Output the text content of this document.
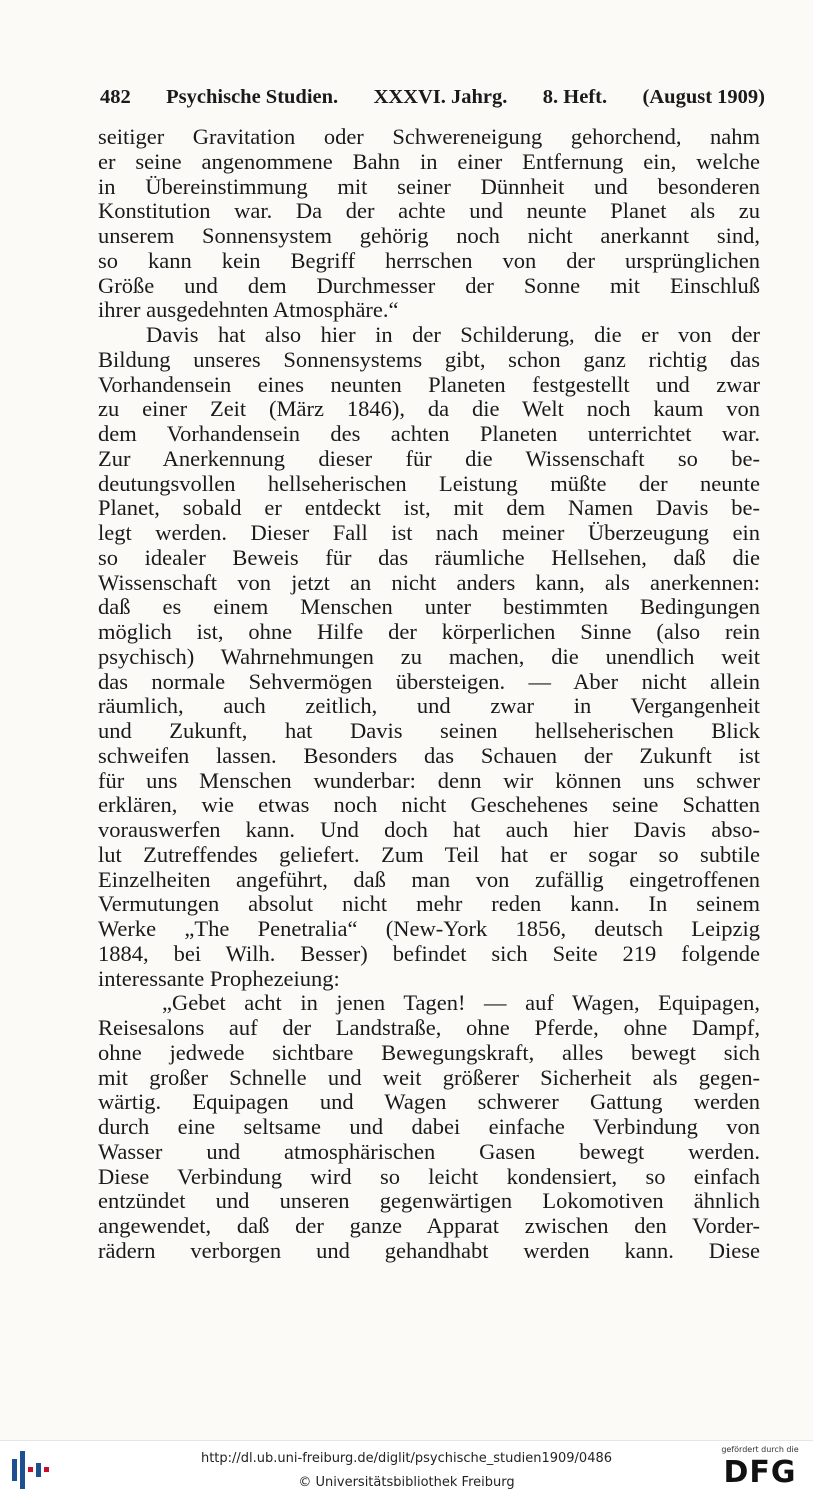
482 Psychische Studien. XXXVI. Jahrg. 8. Heft. (August 1909)
seitiger Gravitation oder Schwereneigung gehorchend, nahm
er seine angenommene Bahn in einer Entfernung ein, welche
in Übereinstimmung mit seiner Dünnheit und besonderen
Konstitution war. Da der achte und neunte Planet als zu
unserem Sonnensystem gehörig noch nicht anerkannt sind,
so kann kein Begriff herrschen von der ursprünglichen
Größe und dem Durchmesser der Sonne mit Einschluß
ihrer ausgedehnten Atmosphäre.“
Davis hat also hier in der Schilderung, die er von der
Bildung unseres Sonnensystems gibt, schon ganz richtig das
Vorhandensein eines neunten Planeten festgestellt und zwar
zu einer Zeit (März 1846), da die Welt noch kaum von
dem Vorhandensein des achten Planeten unterrichtet war.
Zur Anerkennung dieser für die Wissenschaft so be-
deutungsvollen hellseherischen Leistung müßte der neunte
Planet, sobald er entdeckt ist, mit dem Namen Davis be-
legt werden. Dieser Fall ist nach meiner Überzeugung ein
so idealer Beweis für das räumliche Hellsehen, daß die
Wissenschaft von jetzt an nicht anders kann, als anerkennen:
daß es einem Menschen unter bestimmten Bedingungen
möglich ist, ohne Hilfe der körperlichen Sinne (also rein
psychisch) Wahrnehmungen zu machen, die unendlich weit
das normale Sehvermögen übersteigen. — Aber nicht allein
räumlich, auch zeitlich, und zwar in Vergangenheit
und Zukunft, hat Davis seinen hellseherischen Blick
schweifen lassen. Besonders das Schauen der Zukunft ist
für uns Menschen wunderbar: denn wir können uns schwer
erklären, wie etwas noch nicht Geschehenes seine Schatten
vorauswerfen kann. Und doch hat auch hier Davis abso-
lut Zutreffendes geliefert. Zum Teil hat er sogar so subtile
Einzelheiten angeführt, daß man von zufällig eingetroffenen
Vermutungen absolut nicht mehr reden kann. In seinem
Werke „The Penetralia“ (New-York 1856, deutsch Leipzig
1884, bei Wilh. Besser) befindet sich Seite 219 folgende
interessante Prophezeiung:
„Gebet acht in jenen Tagen! — auf Wagen, Equipagen,
Reisesalons auf der Landstraße, ohne Pferde, ohne Dampf,
ohne jedwede sichtbare Bewegungskraft, alles bewegt sich
mit großer Schnelle und weit größerer Sicherheit als gegen-
wärtig. Equipagen und Wagen schwerer Gattung werden
durch eine seltsame und dabei einfache Verbindung von
Wasser und atmosphärischen Gasen bewegt werden.
Diese Verbindung wird so leicht kondensiert, so einfach
entzündet und unseren gegenwärtigen Lokomotiven ähnlich
angewendet, daß der ganze Apparat zwischen den Vorder-
rädern verborgen und gehandhabt werden kann. Diese
http://dl.ub.uni-freiburg.de/diglit/psychische_studien1909/0486
© Universitätsbibliothek Freiburg
gefördert durch die
DFG
